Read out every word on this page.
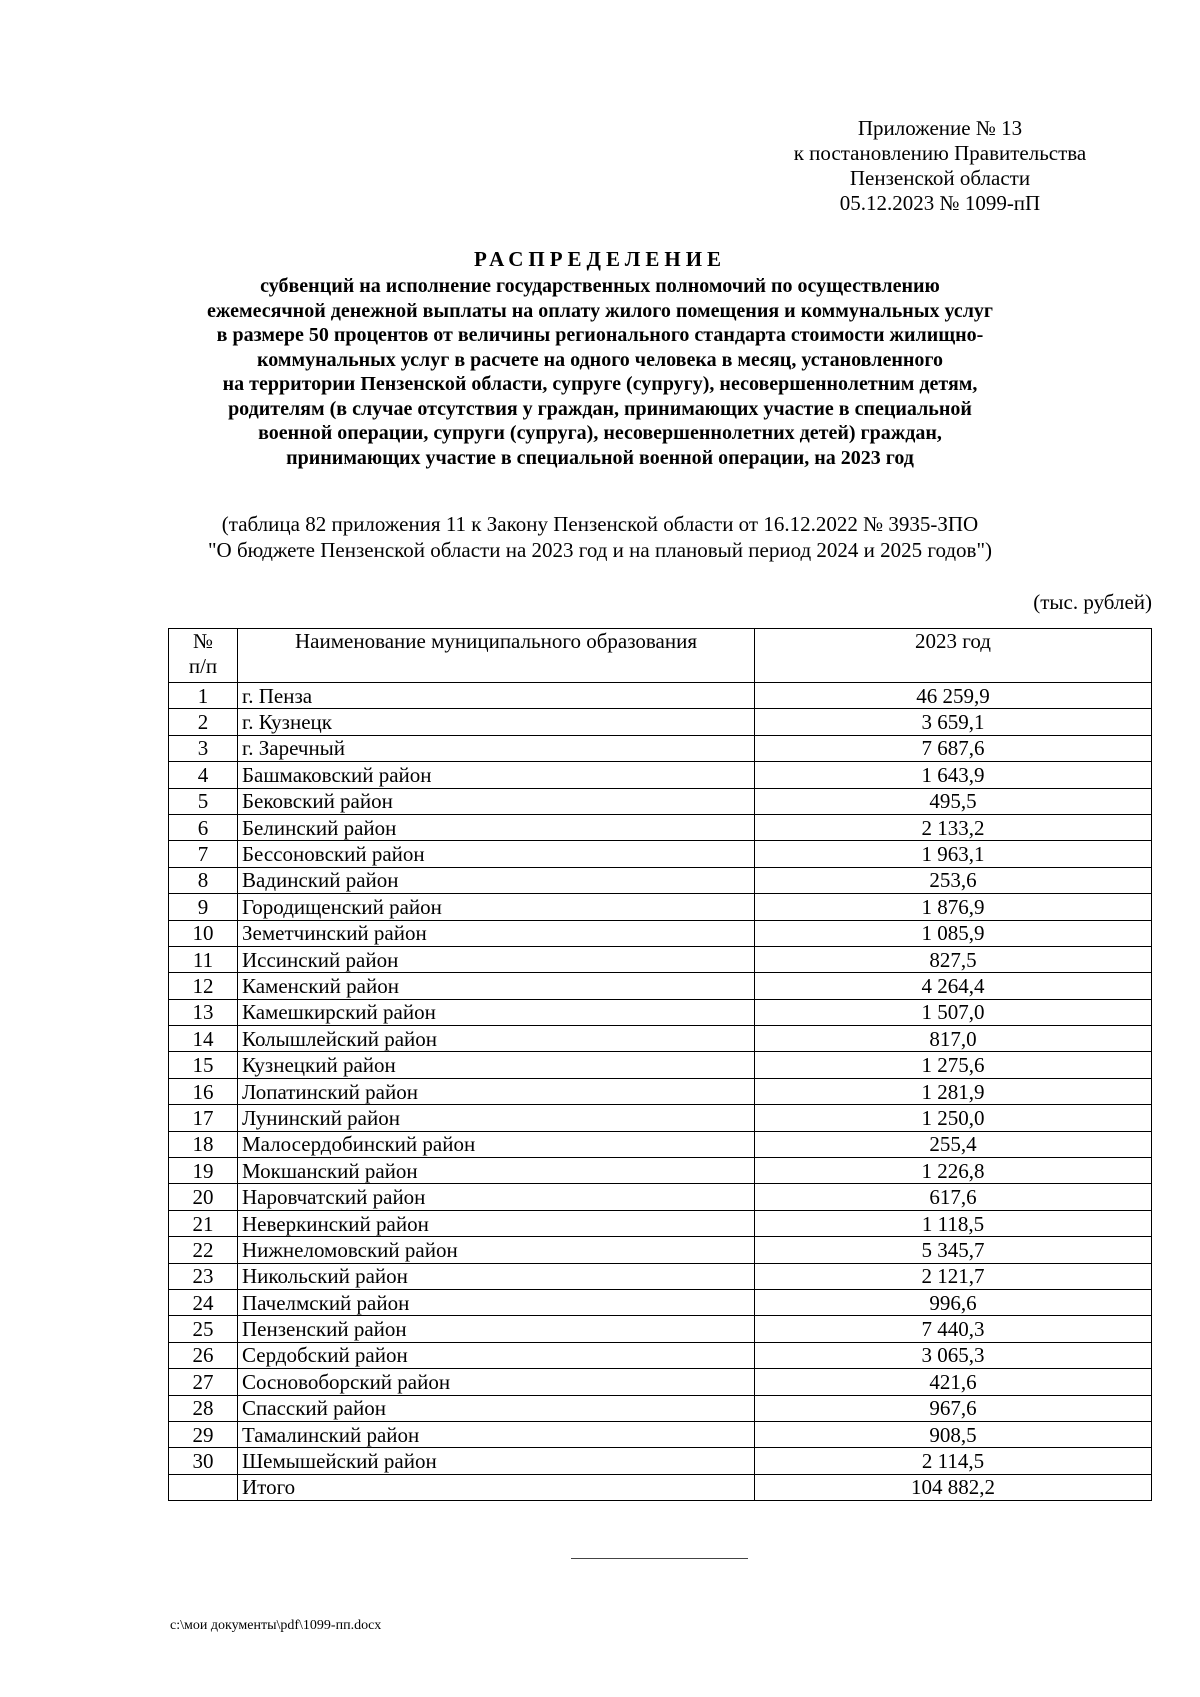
Приложение № 13
к постановлению Правительства
Пензенской области
05.12.2023 № 1099-пП
РАСПРЕДЕЛЕНИЕ
субвенций на исполнение государственных полномочий по осуществлению
ежемесячной денежной выплаты на оплату жилого помещения и коммунальных услуг
в размере 50 процентов от величины регионального стандарта стоимости жилищно-
коммунальных услуг в расчете на одного человека в месяц, установленного
на территории Пензенской области, супруге (супругу), несовершеннолетним детям,
родителям (в случае отсутствия у граждан, принимающих участие в специальной
военной операции, супруги (супруга), несовершеннолетних детей) граждан,
принимающих участие в специальной военной операции, на 2023 год
(таблица 82 приложения 11 к Закону Пензенской области от 16.12.2022 № 3935-ЗПО
"О бюджете Пензенской области на 2023 год и на плановый период 2024 и 2025 годов")
(тыс. рублей)
№
п/п	Наименование муниципального образования	2023 год
1	г. Пенза	46 259,9
2	г. Кузнецк	3 659,1
3	г. Заречный	7 687,6
4	Башмаковский район	1 643,9
5	Бековский район	495,5
6	Белинский район	2 133,2
7	Бессоновский район	1 963,1
8	Вадинский район	253,6
9	Городищенский район	1 876,9
10	Земетчинский район	1 085,9
11	Иссинский район	827,5
12	Каменский район	4 264,4
13	Камешкирский район	1 507,0
14	Колышлейский район	817,0
15	Кузнецкий район	1 275,6
16	Лопатинский район	1 281,9
17	Лунинский район	1 250,0
18	Малосердобинский район	255,4
19	Мокшанский район	1 226,8
20	Наровчатский район	617,6
21	Неверкинский район	1 118,5
22	Нижнеломовский район	5 345,7
23	Никольский район	2 121,7
24	Пачелмский район	996,6
25	Пензенский район	7 440,3
26	Сердобский район	3 065,3
27	Сосновоборский район	421,6
28	Спасский район	967,6
29	Тамалинский район	908,5
30	Шемышейский район	2 114,5
	Итого	104 882,2
c:\мои документы\pdf\1099-пп.docx
